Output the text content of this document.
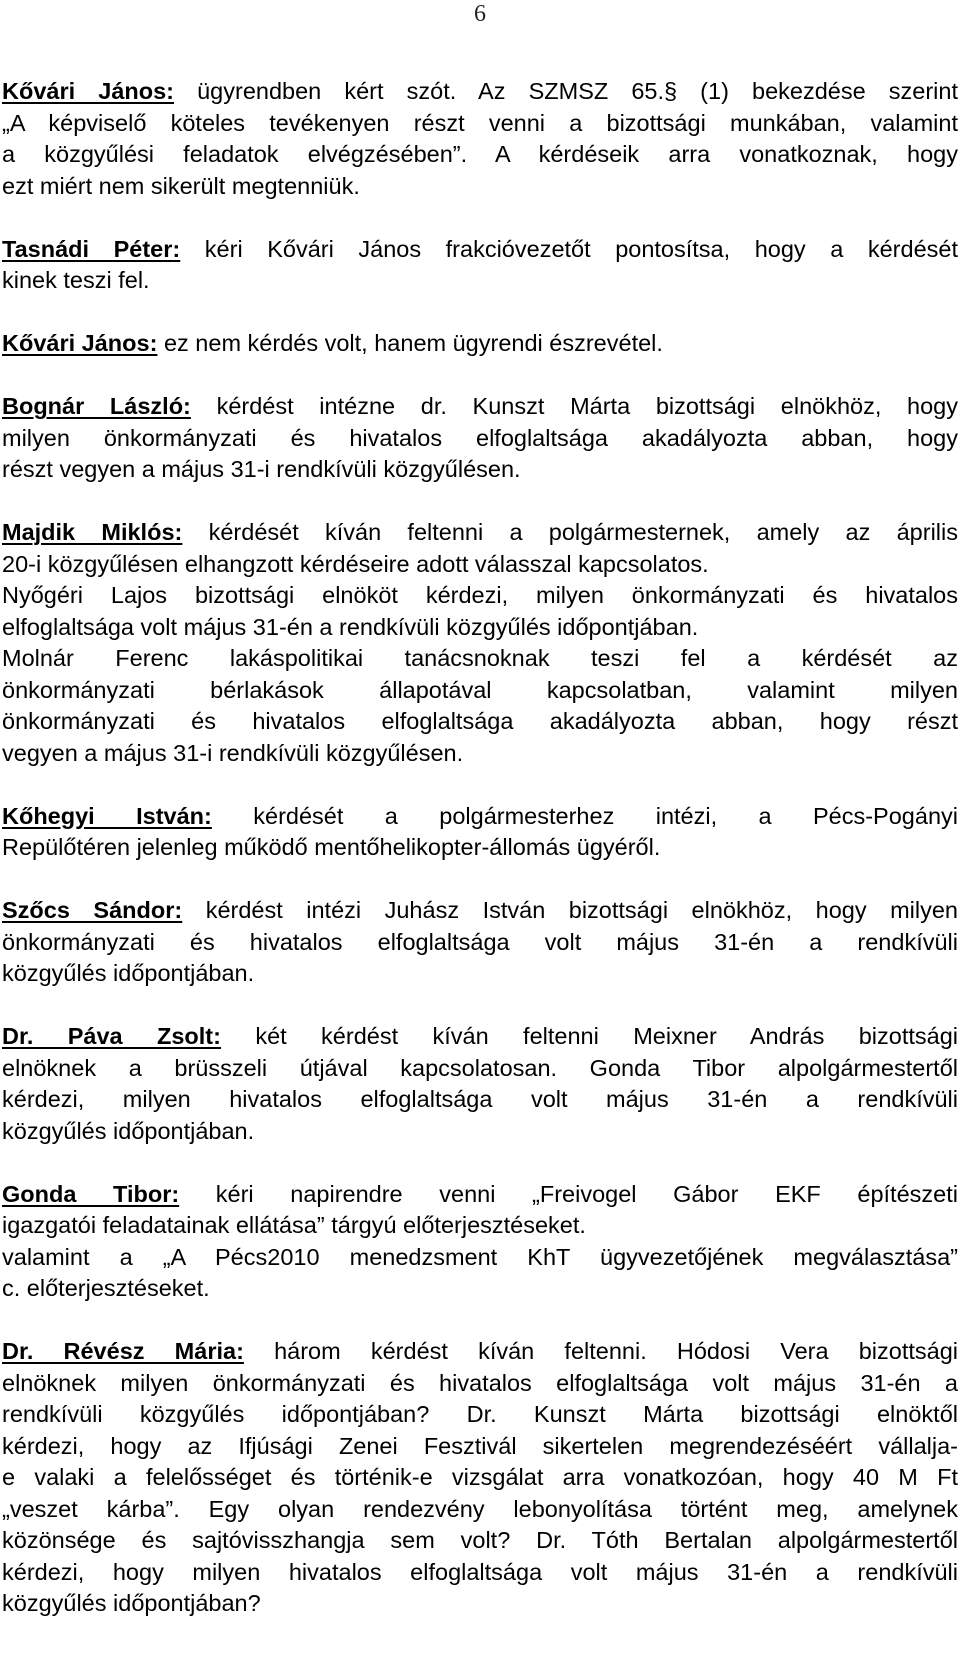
6
Kővári János: ügyrendben kért szót. Az SZMSZ 65.§ (1) bekezdése szerint
„A képviselő köteles tevékenyen részt venni a bizottsági munkában, valamint
a közgyűlési feladatok elvégzésében”. A kérdéseik arra vonatkoznak, hogy
ezt miért nem sikerült megtenniük.
Tasnádi Péter: kéri Kővári János frakcióvezetőt pontosítsa, hogy a kérdését
kinek teszi fel.
Kővári János: ez nem kérdés volt, hanem ügyrendi észrevétel.
Bognár László: kérdést intézne dr. Kunszt Márta bizottsági elnökhöz, hogy
milyen önkormányzati és hivatalos elfoglaltsága akadályozta abban, hogy
részt vegyen a május 31-i rendkívüli közgyűlésen.
Majdik Miklós: kérdését kíván feltenni a polgármesternek, amely az április
20-i közgyűlésen elhangzott kérdéseire adott válasszal kapcsolatos.
Nyőgéri Lajos bizottsági elnököt kérdezi, milyen önkormányzati és hivatalos
elfoglaltsága volt május 31-én a rendkívüli közgyűlés időpontjában.
Molnár Ferenc lakáspolitikai tanácsnoknak teszi fel a kérdését az
önkormányzati bérlakások állapotával kapcsolatban, valamint milyen
önkormányzati és hivatalos elfoglaltsága akadályozta abban, hogy részt
vegyen a május 31-i rendkívüli közgyűlésen.
Kőhegyi István: kérdését a polgármesterhez intézi, a Pécs-Pogányi
Repülőtéren jelenleg működő mentőhelikopter-állomás ügyéről.
Szőcs Sándor: kérdést intézi Juhász István bizottsági elnökhöz, hogy milyen
önkormányzati és hivatalos elfoglaltsága volt május 31-én a rendkívüli
közgyűlés időpontjában.
Dr. Páva Zsolt: két kérdést kíván feltenni Meixner András bizottsági
elnöknek a brüsszeli útjával kapcsolatosan. Gonda Tibor alpolgármestertől
kérdezi, milyen hivatalos elfoglaltsága volt május 31-én a rendkívüli
közgyűlés időpontjában.
Gonda Tibor: kéri napirendre venni „Freivogel Gábor EKF építészeti
igazgatói feladatainak ellátása” tárgyú előterjesztéseket.
valamint a „A Pécs2010 menedzsment KhT ügyvezetőjének megválasztása”
c. előterjesztéseket.
Dr. Révész Mária: három kérdést kíván feltenni. Hódosi Vera bizottsági
elnöknek milyen önkormányzati és hivatalos elfoglaltsága volt május 31-én a
rendkívüli közgyűlés időpontjában? Dr. Kunszt Márta bizottsági elnöktől
kérdezi, hogy az Ifjúsági Zenei Fesztivál sikertelen megrendezéséért vállalja-
e valaki a felelősséget és történik-e vizsgálat arra vonatkozóan, hogy 40 M Ft
„veszet kárba”. Egy olyan rendezvény lebonyolítása történt meg, amelynek
közönsége és sajtóvisszhangja sem volt? Dr. Tóth Bertalan alpolgármestertől
kérdezi, hogy milyen hivatalos elfoglaltsága volt május 31-én a rendkívüli
közgyűlés időpontjában?
